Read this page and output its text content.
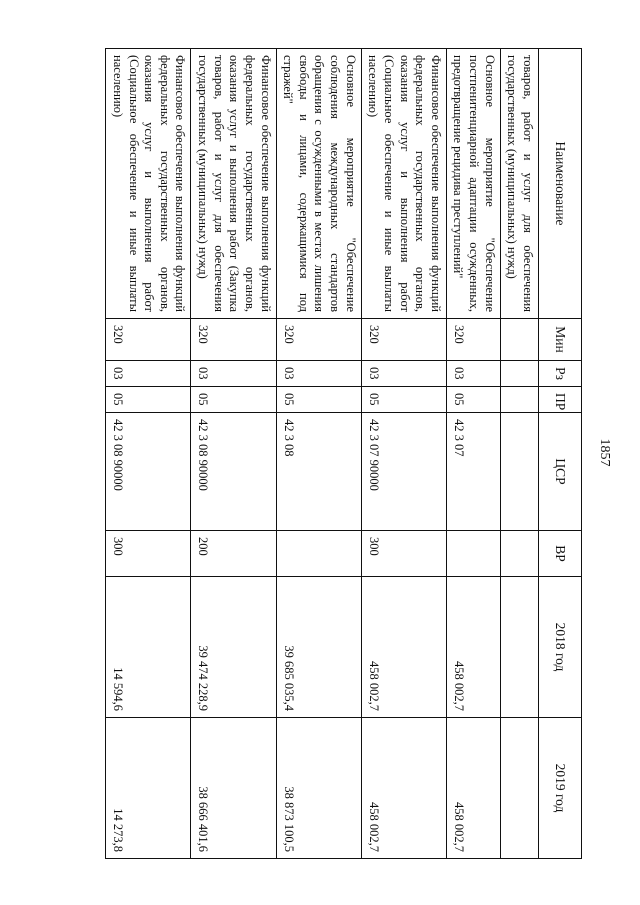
1857
Наименование	Мин	Рз	ПР	ЦСР	ВР	2018 год	2019 год
товаров, работ и услуг для обеспечения государственных (муниципальных) нужд)							
Основное мероприятие "Обеспечение постпенитенциарной адаптации осужденных, предотвращение рецидива преступлений"	320	03	05	42 3 07		458 002,7	458 002,7
Финансовое обеспечение выполнения функций федеральных государственных органов, оказания услуг и выполнения работ (Социальное обеспечение и иные выплаты населению)	320	03	05	42 3 07 90000	300	458 002,7	458 002,7
Основное мероприятие "Обеспечение соблюдения международных стандартов обращения с осужденными в местах лишения свободы и лицами, содержащимися под стражей"	320	03	05	42 3 08		39 685 035,4	38 873 100,5
Финансовое обеспечение выполнения функций федеральных государственных органов, оказания услуг и выполнения работ (Закупка товаров, работ и услуг для обеспечения государственных (муниципальных) нужд)	320	03	05	42 3 08 90000	200	39 474 228,9	38 666 401,6
Финансовое обеспечение выполнения функций федеральных государственных органов, оказания услуг и выполнения работ (Социальное обеспечение и иные выплаты населению)	320	03	05	42 3 08 90000	300	14 594,6	14 273,8
